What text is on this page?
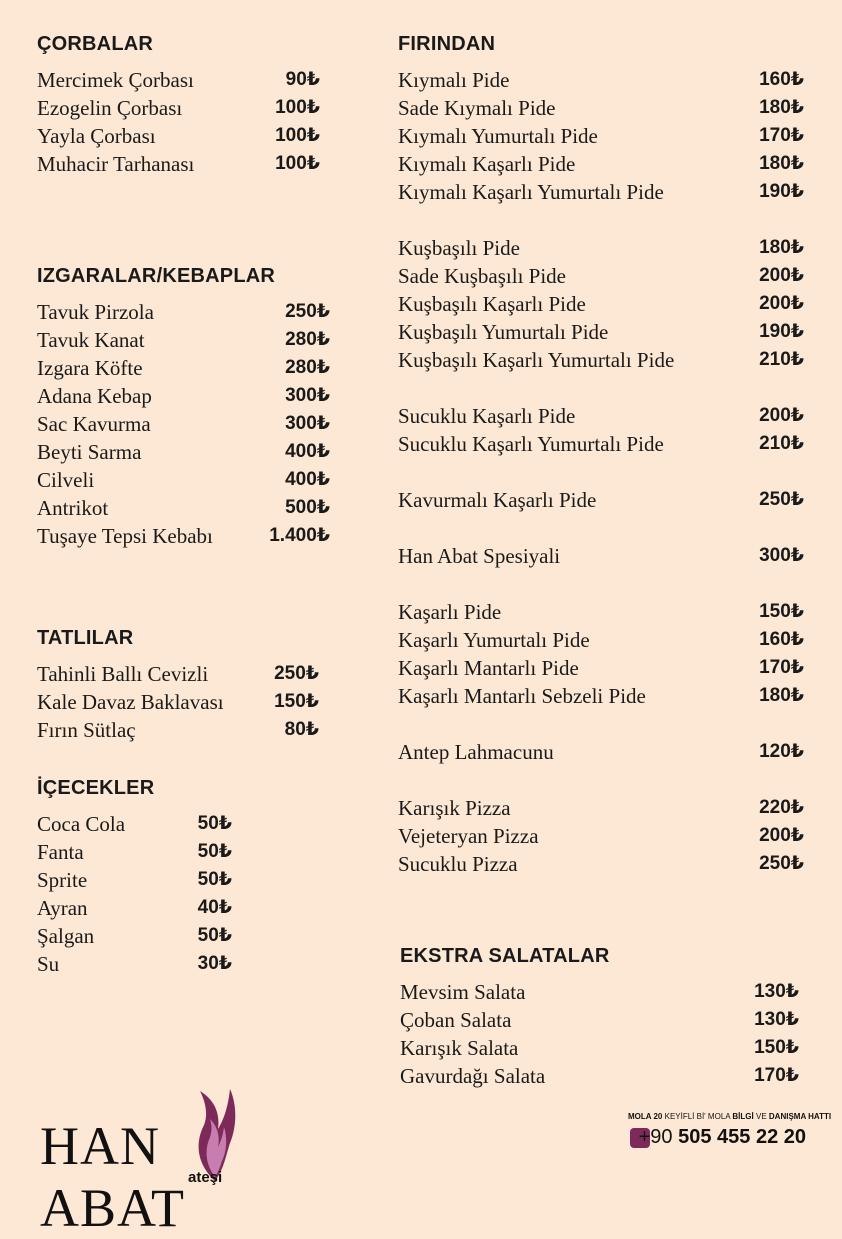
ÇORBALAR
Mercimek Çorbası	90₺
Ezogelin Çorbası	100₺
Yayla Çorbası	100₺
Muhacir Tarhanası	100₺
IZGARALAR/KEBAPLAR
Tavuk Pirzola	250₺
Tavuk Kanat	280₺
Izgara Köfte	280₺
Adana Kebap	300₺
Sac Kavurma	300₺
Beyti Sarma	400₺
Cilveli	400₺
Antrikot	500₺
Tuşaye Tepsi Kebabı	1.400₺
TATLILAR
Tahinli Ballı Cevizli	250₺
Kale Davaz Baklavası	150₺
Fırın Sütlaç	80₺
İÇECEKLER
Coca Cola	50₺
Fanta	50₺
Sprite	50₺
Ayran	40₺
Şalgan	50₺
Su	30₺
FIRINDAN
Kıymalı Pide	160₺
Sade Kıymalı Pide	180₺
Kıymalı Yumurtalı Pide	170₺
Kıymalı Kaşarlı Pide	180₺
Kıymalı Kaşarlı Yumurtalı Pide	190₺
Kuşbaşılı Pide	180₺
Sade Kuşbaşılı Pide	200₺
Kuşbaşılı Kaşarlı Pide	200₺
Kuşbaşılı Yumurtalı Pide	190₺
Kuşbaşılı Kaşarlı Yumurtalı Pide	210₺
Sucuklu Kaşarlı Pide	200₺
Sucuklu Kaşarlı Yumurtalı Pide	210₺
Kavurmalı Kaşarlı Pide	250₺
Han Abat Spesiyali	300₺
Kaşarlı Pide	150₺
Kaşarlı Yumurtalı Pide	160₺
Kaşarlı Mantarlı Pide	170₺
Kaşarlı Mantarlı Sebzeli Pide	180₺
Antep Lahmacunu	120₺
Karışık Pizza	220₺
Vejeteryan Pizza	200₺
Sucuklu Pizza	250₺
EKSTRA SALATALAR
Mevsim Salata	130₺
Çoban Salata	130₺
Karışık Salata	150₺
Gavurdağı Salata	170₺
HANABAT
ateşi
MOLA 20 KEYİFLİ Bİ' MOLA BİLGİ VE DANIŞMA HATTI
+90 505 455 22 20
